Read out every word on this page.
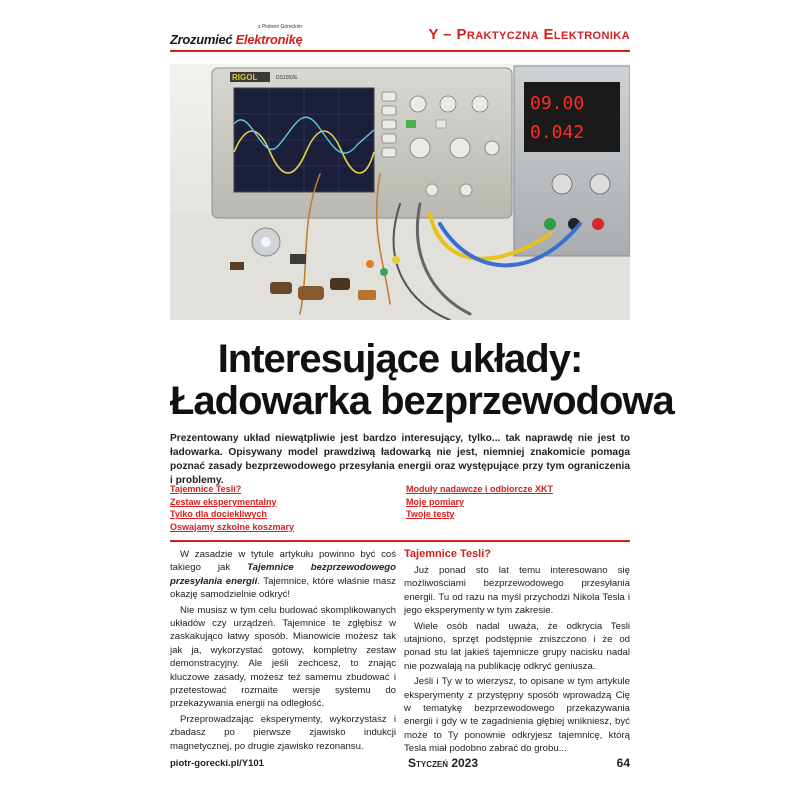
Zrozumieć Elektronikę
z Piotrem Góreckim	Y – Praktyczna Elektronika
RIGOL	DS1052E
09.00
0.042
Interesujące układy:
Ładowarka bezprzewodowa
Prezentowany układ niewątpliwie jest bardzo interesujący, tylko... tak naprawdę nie jest to ładowarka. Opisywany model prawdziwą ładowarką nie jest, niemniej znakomicie pomaga poznać zasady bezprzewodowego przesyłania energii oraz występujące przy tym ograniczenia i problemy.
Tajemnice Tesli?
Zestaw eksperymentalny
Tylko dla dociekliwych
Oswajamy szkolne koszmary
Moduły nadawcze i odbiorcze XKT
Moje pomiary
Twoje testy

W zasadzie w tytule artykułu powinno być coś takiego jak Tajemnice bezprzewodowego przesyłania energii. Tajemnice, które właśnie masz okazję samodzielnie odkryć!

Nie musisz w tym celu budować skomplikowanych układów czy urządzeń. Tajemnice te zgłębisz w zaskakująco łatwy sposób. Mianowicie możesz tak jak ja, wykorzystać gotowy, kompletny zestaw demonstracyjny. Ale jeśli zechcesz, to znając kluczowe zasady, możesz też samemu zbudować i przetestować rozmaite wersje systemu do przekazywania energii na odległość.

Przeprowadzając eksperymenty, wykorzystasz i zbadasz po pierwsze zjawisko indukcji magnetycznej, po drugie zjawisko rezonansu.

Tajemnice Tesli?

Już ponad sto lat temu interesowano się możliwościami bezprzewodowego przesyłania energii. Tu od razu na myśl przychodzi Nikola Tesla i jego eksperymenty w tym zakresie.

Wiele osób nadal uważa, że odkrycia Tesli utajniono, sprzęt podstępnie zniszczono i że od ponad stu lat jakieś tajemnicze grupy nacisku nadal nie pozwalają na publikację odkryć geniusza.

Jeśli i Ty w to wierzysz, to opisane w tym artykule eksperymenty z przystępny sposób wprowadzą Cię w tematykę bezprzewodowego przekazywania energii i gdy w te zagadnienia głębiej wnikniesz, być może to Ty ponownie odkryjesz tajemnicę, którą Tesla miał podobno zabrać do grobu...

piotr-gorecki.pl/Y101	Styczeń 2023	64
